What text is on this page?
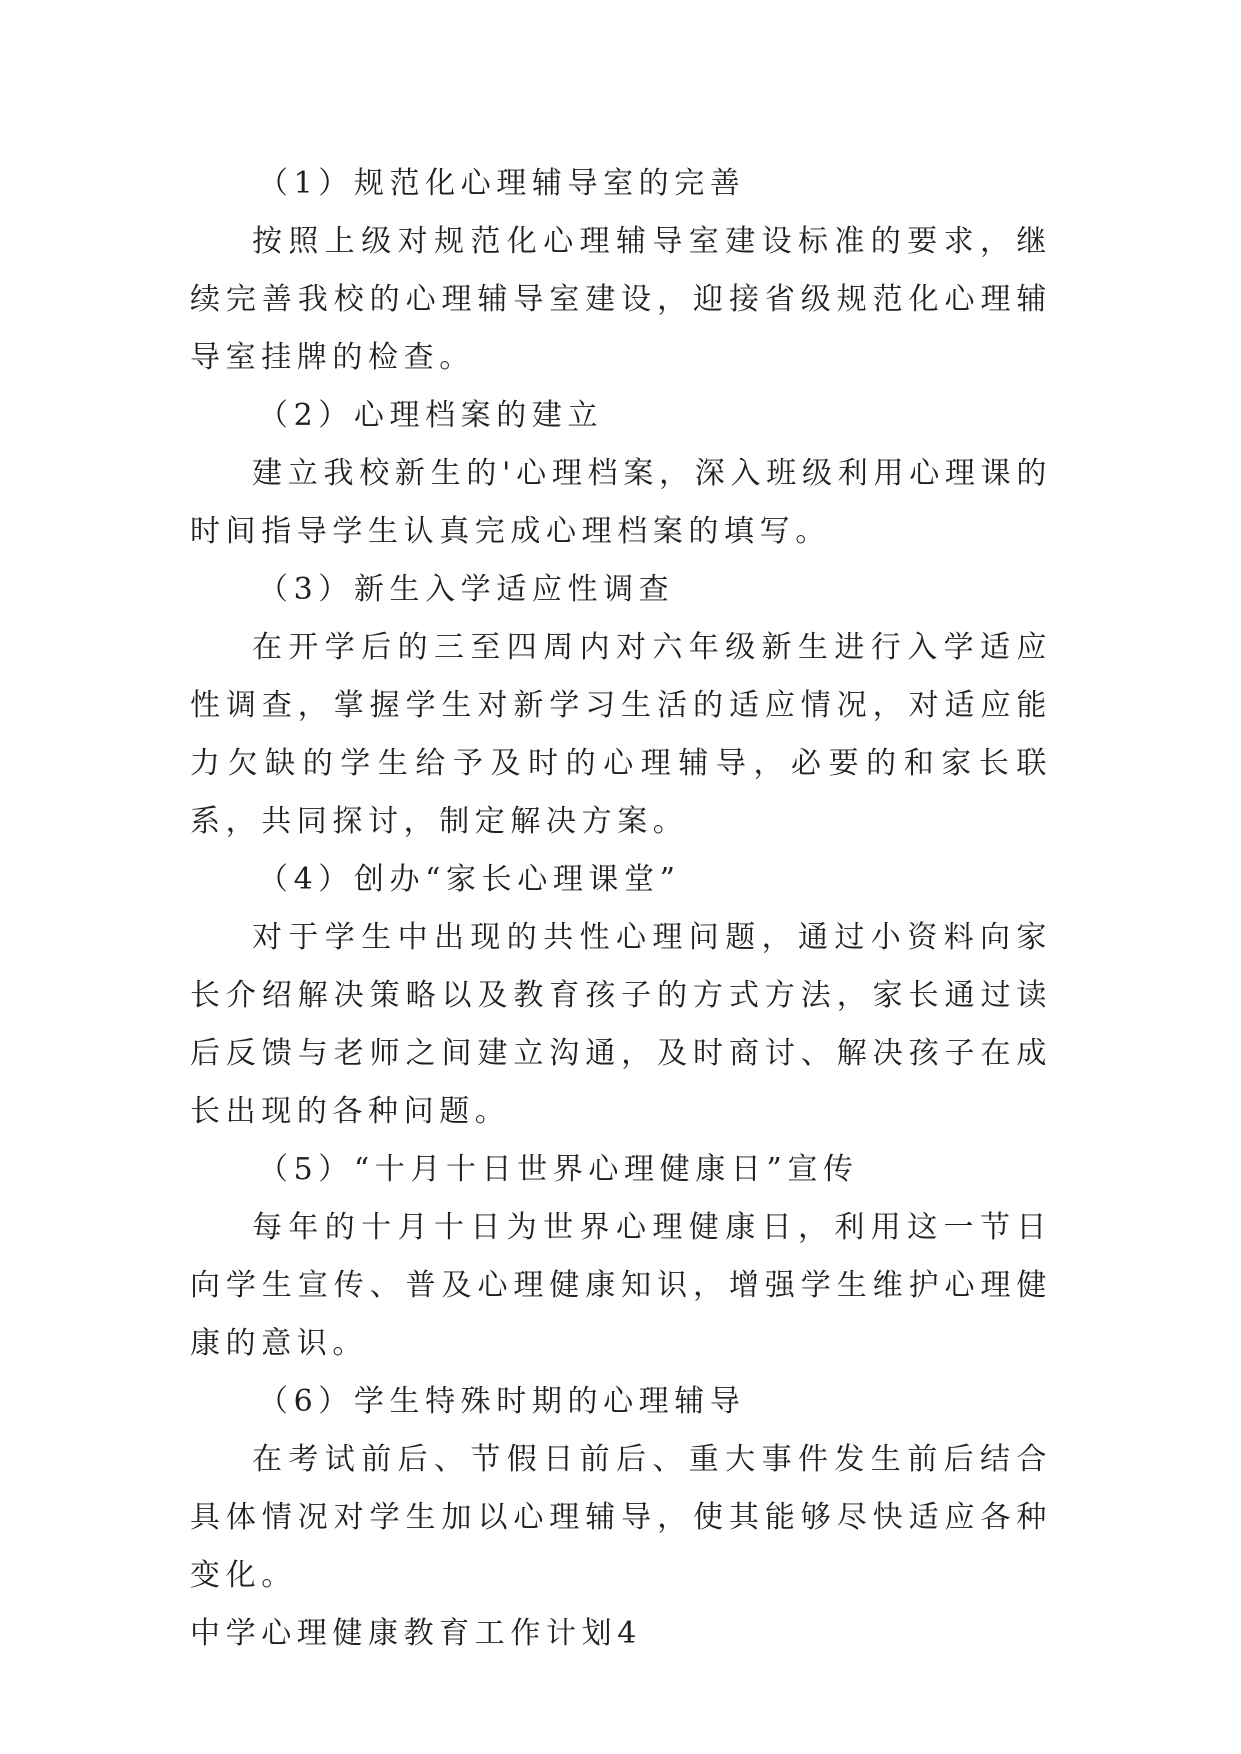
（1）规范化心理辅导室的完善

按照上级对规范化心理辅导室建设标准的要求，继续完善我校的心理辅导室建设，迎接省级规范化心理辅导室挂牌的检查。

（2）心理档案的建立

建立我校新生的'心理档案，深入班级利用心理课的时间指导学生认真完成心理档案的填写。

（3）新生入学适应性调查

在开学后的三至四周内对六年级新生进行入学适应性调查，掌握学生对新学习生活的适应情况，对适应能力欠缺的学生给予及时的心理辅导，必要的和家长联系，共同探讨，制定解决方案。

（4）创办“家长心理课堂”

对于学生中出现的共性心理问题，通过小资料向家长介绍解决策略以及教育孩子的方式方法，家长通过读后反馈与老师之间建立沟通，及时商讨、解决孩子在成长出现的各种问题。

（5）“十月十日世界心理健康日”宣传

每年的十月十日为世界心理健康日，利用这一节日向学生宣传、普及心理健康知识，增强学生维护心理健康的意识。

（6）学生特殊时期的心理辅导

在考试前后、节假日前后、重大事件发生前后结合具体情况对学生加以心理辅导，使其能够尽快适应各种变化。

中学心理健康教育工作计划4
